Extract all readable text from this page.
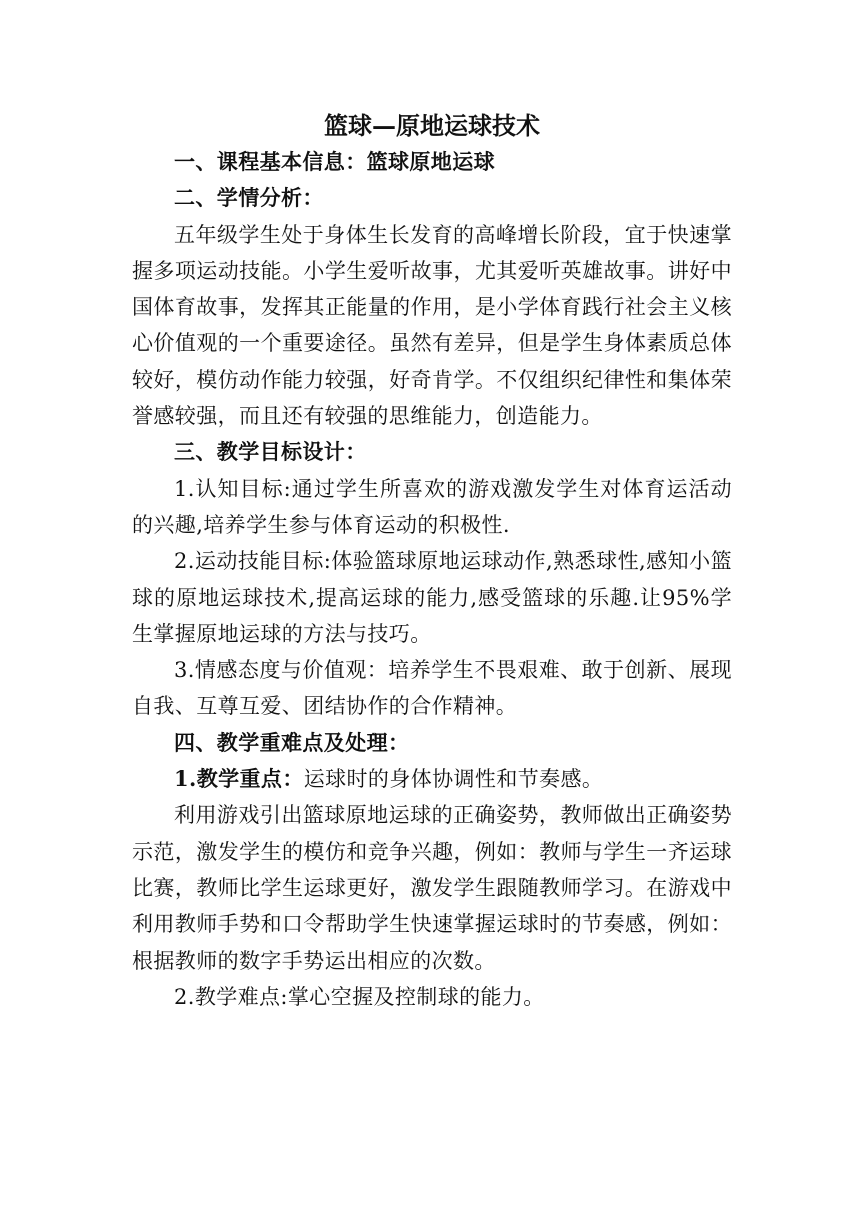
篮球—原地运球技术

一、课程基本信息：篮球原地运球

二、学情分析：

五年级学生处于身体生长发育的高峰增长阶段，宜于快速掌握多项运动技能。小学生爱听故事，尤其爱听英雄故事。讲好中国体育故事，发挥其正能量的作用，是小学体育践行社会主义核心价值观的一个重要途径。虽然有差异，但是学生身体素质总体较好，模仿动作能力较强，好奇肯学。不仅组织纪律性和集体荣誉感较强，而且还有较强的思维能力，创造能力。

三、教学目标设计：

1.认知目标:通过学生所喜欢的游戏激发学生对体育运活动的兴趣,培养学生参与体育运动的积极性.

2.运动技能目标:体验篮球原地运球动作,熟悉球性,感知小篮球的原地运球技术,提高运球的能力,感受篮球的乐趣.让95%学生掌握原地运球的方法与技巧。

3.情感态度与价值观：培养学生不畏艰难、敢于创新、展现自我、互尊互爱、团结协作的合作精神。

四、教学重难点及处理：

1.教学重点：运球时的身体协调性和节奏感。

利用游戏引出篮球原地运球的正确姿势，教师做出正确姿势示范，激发学生的模仿和竞争兴趣，例如：教师与学生一齐运球比赛，教师比学生运球更好，激发学生跟随教师学习。在游戏中利用教师手势和口令帮助学生快速掌握运球时的节奏感，例如：根据教师的数字手势运出相应的次数。

2.教学难点:掌心空握及控制球的能力。
